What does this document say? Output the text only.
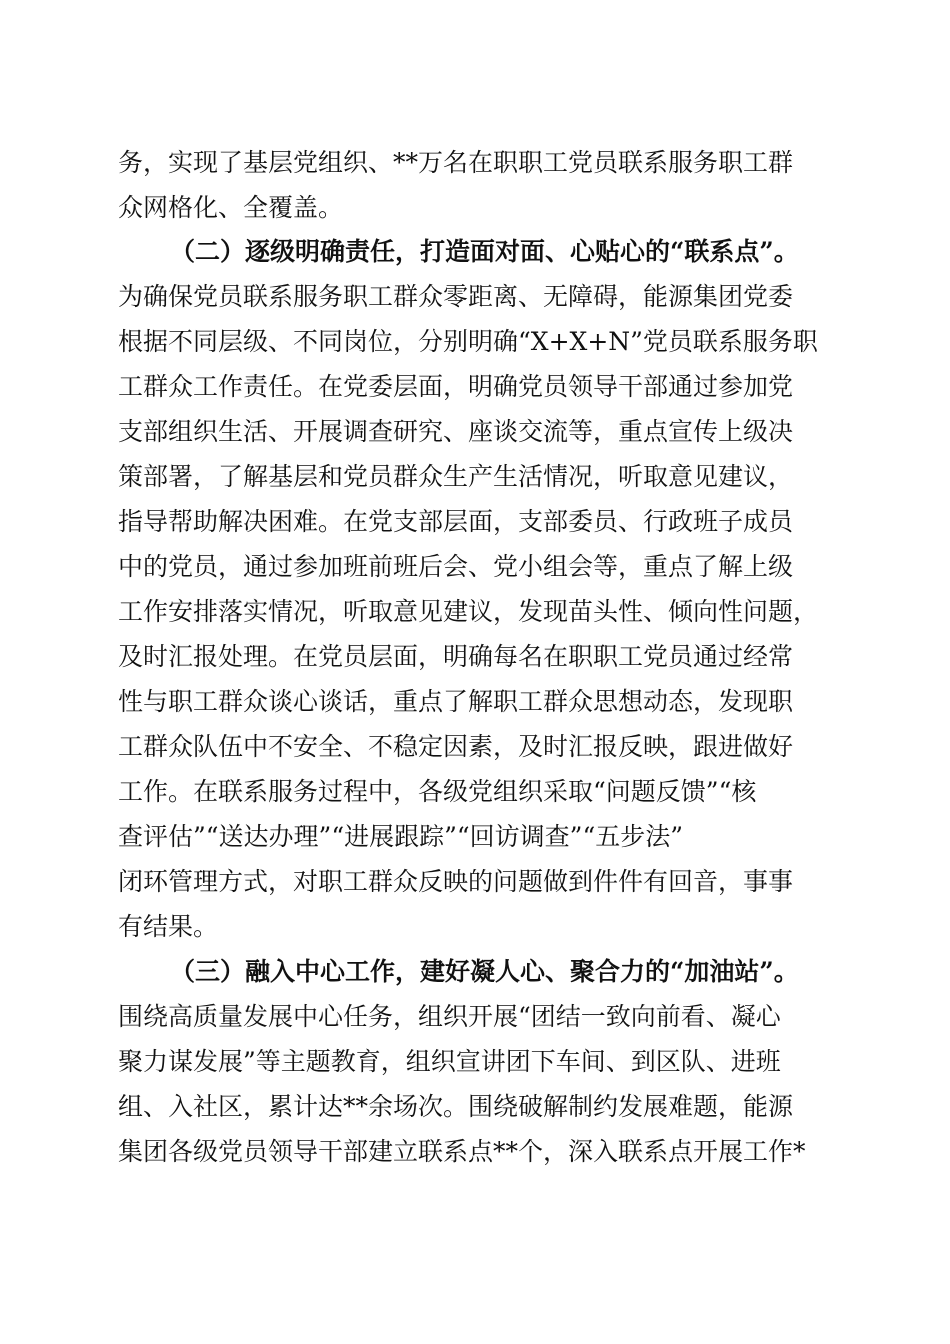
务，实现了基层党组织、**万名在职职工党员联系服务职工群
众网格化、全覆盖。
（二）逐级明确责任，打造面对面、心贴心的“联系点”。
为确保党员联系服务职工群众零距离、无障碍，能源集团党委
根据不同层级、不同岗位，分别明确“X+X+N”党员联系服务职
工群众工作责任。在党委层面，明确党员领导干部通过参加党
支部组织生活、开展调查研究、座谈交流等，重点宣传上级决
策部署，了解基层和党员群众生产生活情况，听取意见建议，
指导帮助解决困难。在党支部层面，支部委员、行政班子成员
中的党员，通过参加班前班后会、党小组会等，重点了解上级
工作安排落实情况，听取意见建议，发现苗头性、倾向性问题，
及时汇报处理。在党员层面，明确每名在职职工党员通过经常
性与职工群众谈心谈话，重点了解职工群众思想动态，发现职
工群众队伍中不安全、不稳定因素，及时汇报反映，跟进做好
工作。在联系服务过程中，各级党组织采取“问题反馈”“核
查评估”“送达办理”“进展跟踪”“回访调查”“五步法”
闭环管理方式，对职工群众反映的问题做到件件有回音，事事
有结果。
（三）融入中心工作，建好凝人心、聚合力的“加油站”。
围绕高质量发展中心任务，组织开展“团结一致向前看、凝心
聚力谋发展”等主题教育，组织宣讲团下车间、到区队、进班
组、入社区，累计达**余场次。围绕破解制约发展难题，能源
集团各级党员领导干部建立联系点**个，深入联系点开展工作*
